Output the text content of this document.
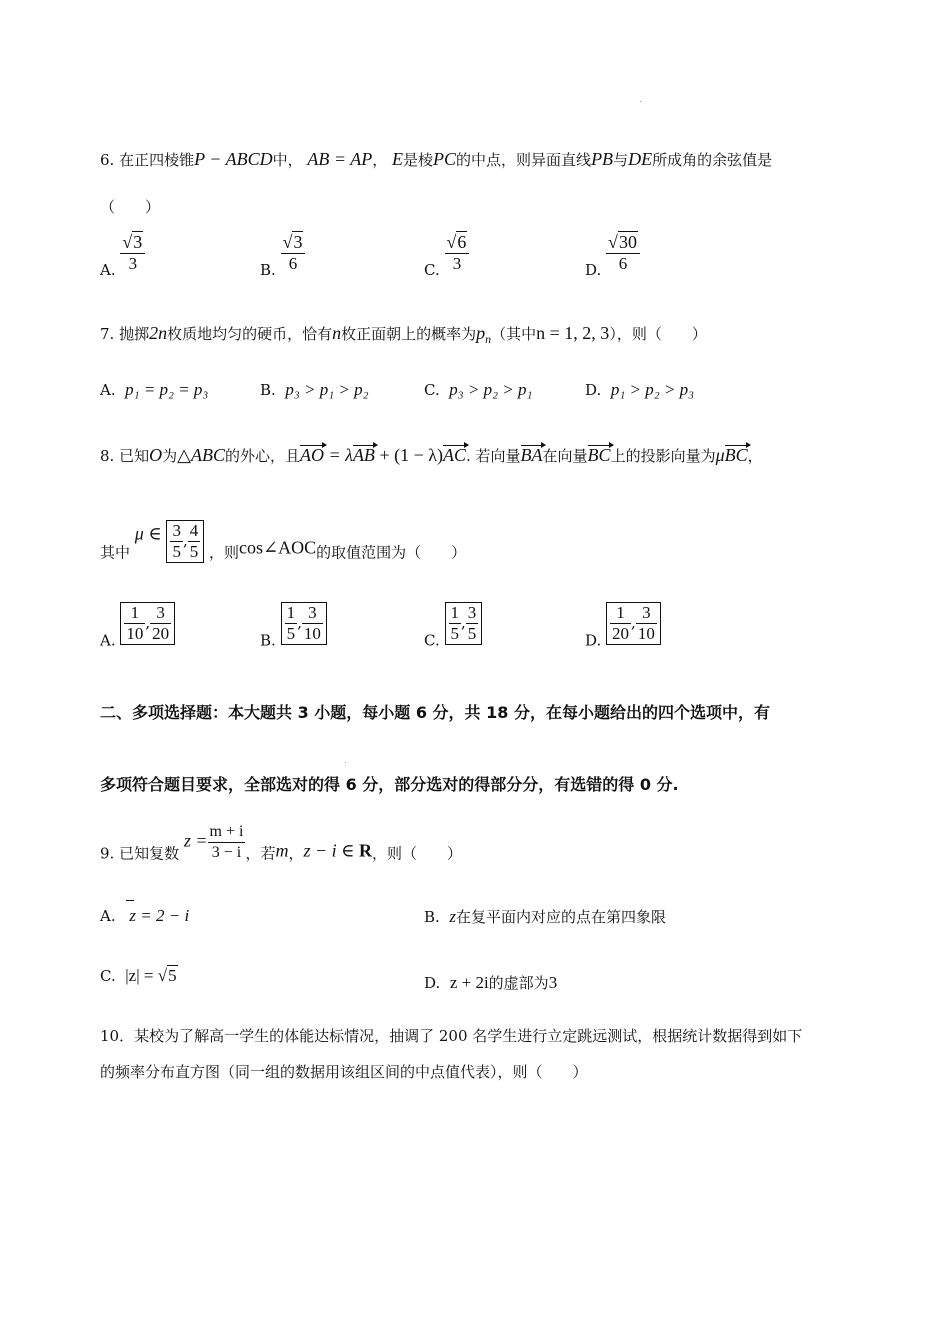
6. 在正四棱锥P − ABCD中， AB = AP， E是棱PC的中点，则异面直线PB与DE所成角的余弦值是
（　　）
A. $\frac{√3}{3}$	B. $\frac{√3}{6}$	C. $\frac{√6}{3}$	D. $\frac{√30}{6}$
7. 抛掷2n枚质地均匀的硬币，恰有n枚正面朝上的概率为$p_n$（其中n = 1, 2, 3），则（　　）
A. p₁ = p₂ = p₃	B. p₃ > p₁ > p₂	C. p₃ > p₂ > p₁	D. p₁ > p₂ > p₃
8. 已知O为△ABC的外心，且AO = λAB + (1 − λ)AC. 若向量BA在向量BC上的投影向量为μBC，
其中 μ ∈ $\frac{3}{5}$ , $\frac{4}{5}$ ，则cos∠AOC的取值范围为（　　）
A. $\frac{1}{10}$ , $\frac{3}{20}$	B. $\frac{1}{5}$ , $\frac{3}{10}$	C. $\frac{1}{5}$ , $\frac{3}{5}$	D. $\frac{1}{20}$ , $\frac{3}{10}$
二、多项选择题：本大题共 3 小题，每小题 6 分，共 18 分，在每小题给出的四个选项中，有
多项符合题目要求，全部选对的得 6 分，部分选对的得部分分，有选错的得 0 分.
9. 已知复数 $z = \frac{m + i}{3 - i}$ ，若m，z − i ∈ R，则（　　）
A. z = 2 − i	B. z在复平面内对应的点在第四象限
C. |z| = √5	D. z + 2i的虚部为3
10．某校为了解高一学生的体能达标情况，抽调了 200 名学生进行立定跳远测试，根据统计数据得到如下
的频率分布直方图（同一组的数据用该组区间的中点值代表），则（　　）
